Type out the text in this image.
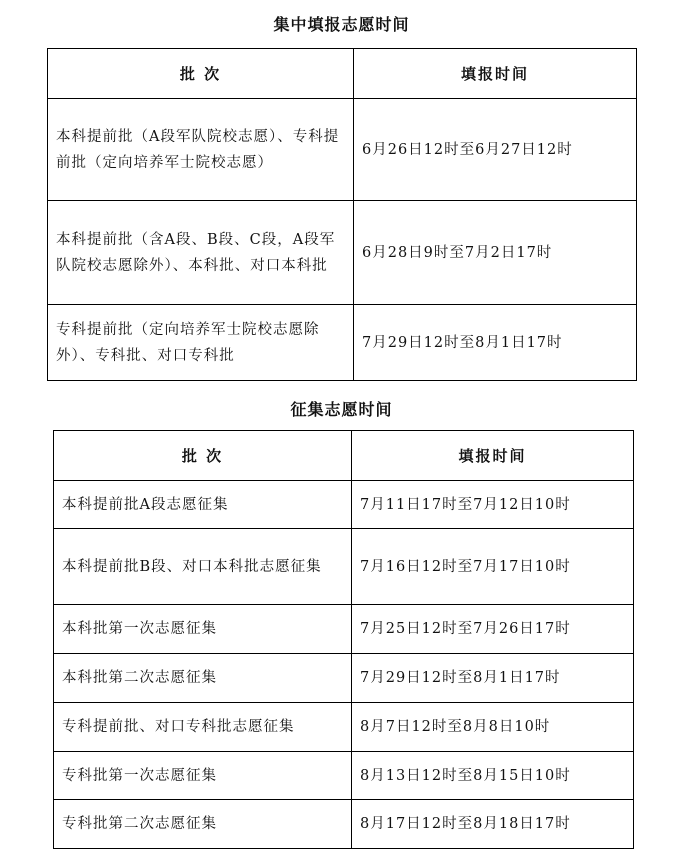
集中填报志愿时间
批 次	填报时间
本科提前批（A段军队院校志愿）、专科提前批（定向培养军士院校志愿）	6月26日12时至6月27日12时
本科提前批（含A段、B段、C段，A段军队院校志愿除外）、本科批、对口本科批	6月28日9时至7月2日17时
专科提前批（定向培养军士院校志愿除外）、专科批、对口专科批	7月29日12时至8月1日17时
征集志愿时间
批 次	填报时间
本科提前批A段志愿征集	7月11日17时至7月12日10时
本科提前批B段、对口本科批志愿征集	7月16日12时至7月17日10时
本科批第一次志愿征集	7月25日12时至7月26日17时
本科批第二次志愿征集	7月29日12时至8月1日17时
专科提前批、对口专科批志愿征集	8月7日12时至8月8日10时
专科批第一次志愿征集	8月13日12时至8月15日10时
专科批第二次志愿征集	8月17日12时至8月18日17时
